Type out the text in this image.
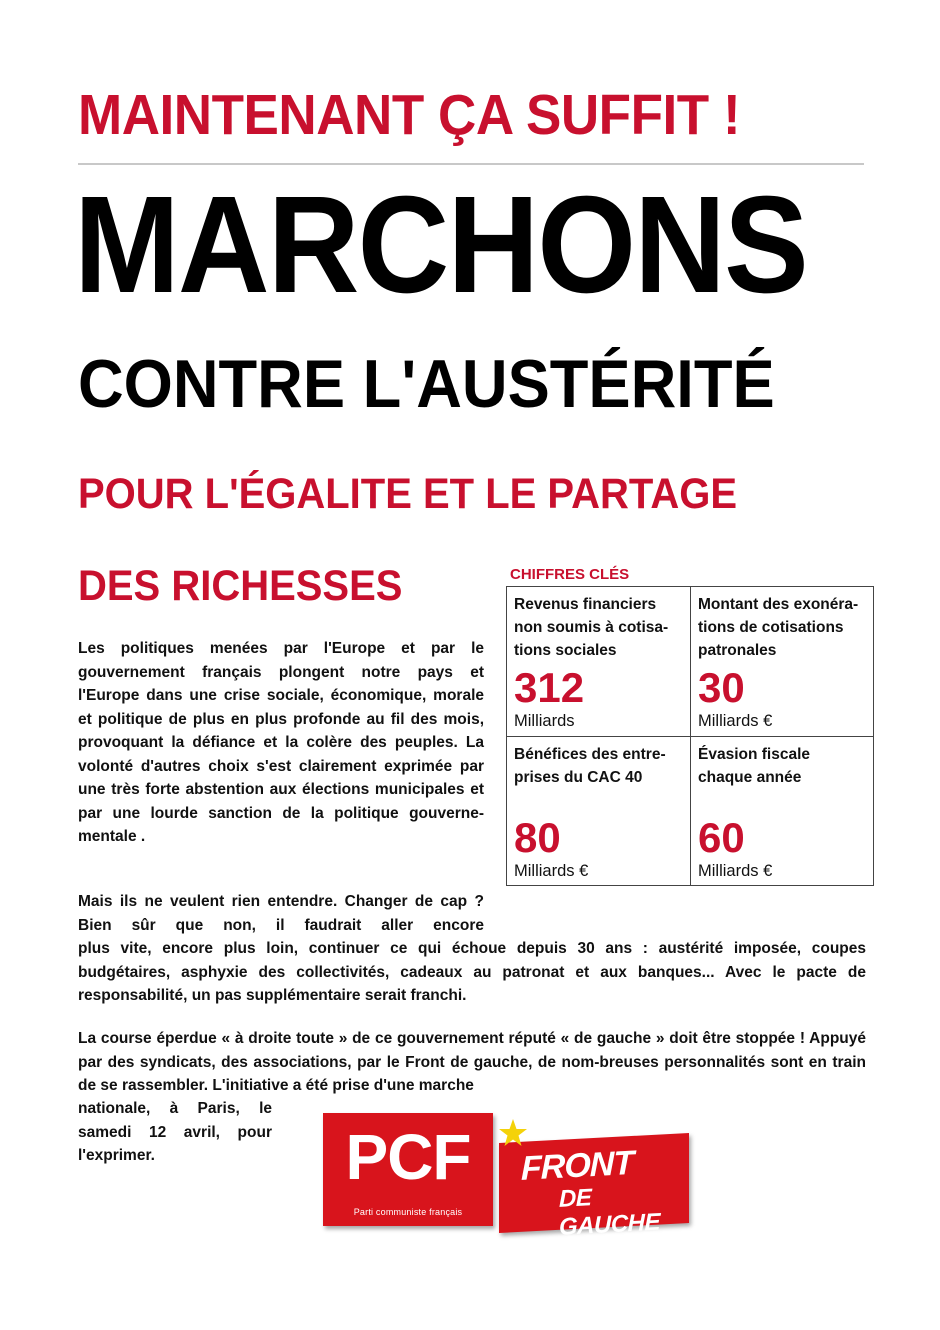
MAINTENANT ÇA SUFFIT !
MARCHONS
CONTRE L'AUSTÉRITÉ
POUR L'ÉGALITE ET LE PARTAGE
DES RICHESSES	CHIFFRES CLÉS
Revenus financiers non soumis à cotisa-tions sociales
312
Milliards
Montant des exonéra-tions de cotisations patronales
30
Milliards €
Bénéfices des entre-prises du CAC 40
80
Milliards €
Évasion fiscale chaque année
60
Milliards €

Les politiques menées par l'Europe et par le gouvernement français plongent notre pays et l'Europe dans une crise sociale, économique, morale et politique de plus en plus profonde au fil des mois, provoquant la défiance et la colère des peuples. La volonté d'autres choix s'est clairement exprimée par une très forte abstention aux élections municipales et par une lourde sanction de la politique gouverne-mentale .

Mais ils ne veulent rien entendre. Changer de cap ? Bien sûr que non, il faudrait aller encore

plus vite, encore plus loin, continuer ce qui échoue depuis 30 ans : austérité imposée, coupes budgétaires, asphyxie des collectivités, cadeaux au patronat et aux banques... Avec le pacte de responsabilité, un pas supplémentaire serait franchi.

La course éperdue « à droite toute » de ce gouvernement réputé « de gauche » doit être stoppée ! Appuyé par des syndicats, des associations, par le Front de gauche, de nom-breuses personnalités sont en train de se rassembler. L'initiative a été prise d'une marche

nationale, à Paris, le samedi 12 avril, pour l'exprimer.	PCF
Parti communiste français
FRONT
DE GAUCHE
